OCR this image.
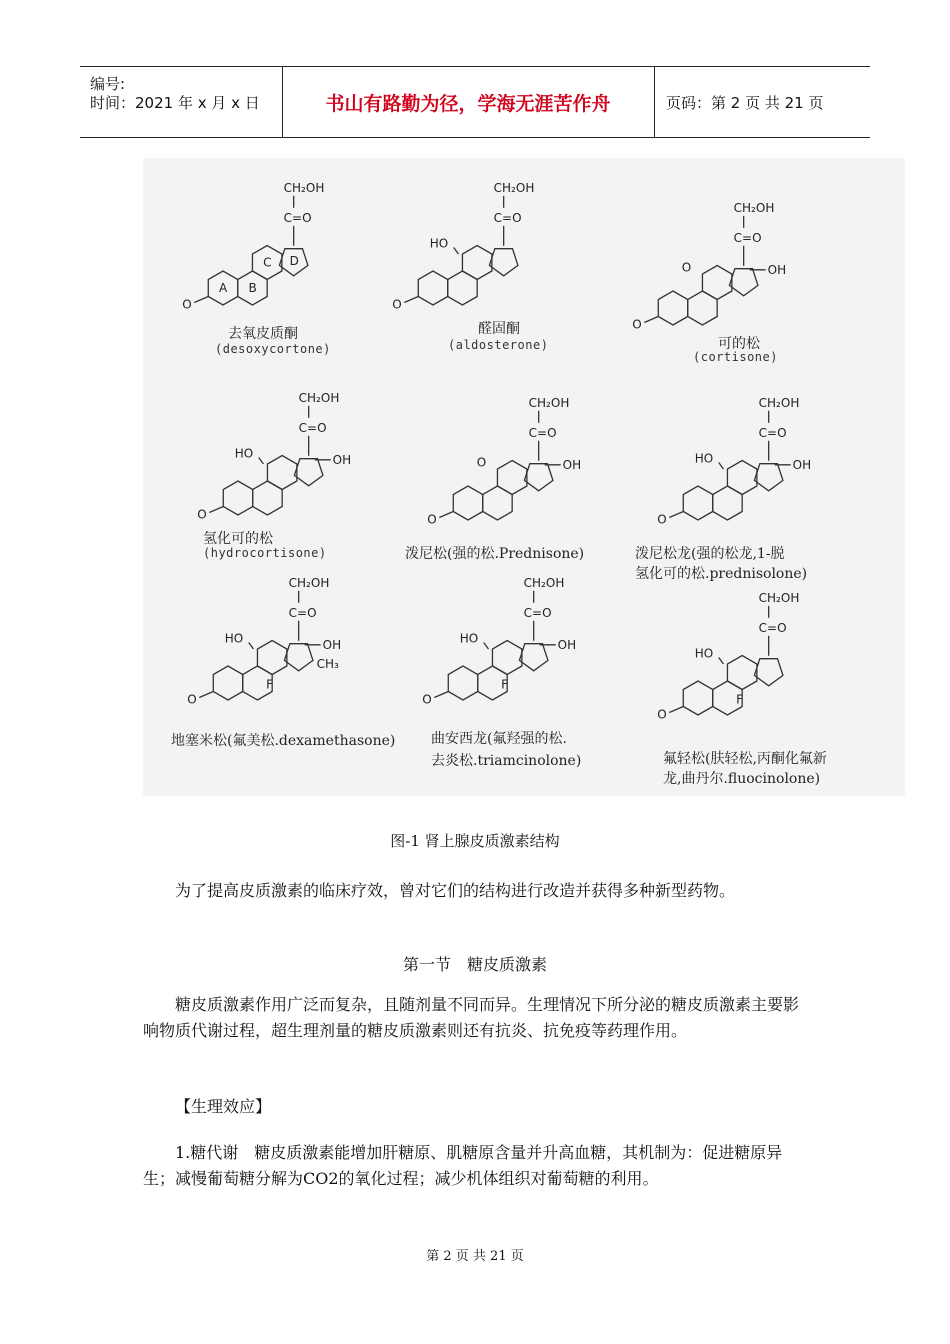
编号:
时间：2021 年 x 月 x 日	书山有路勤为径，学海无涯苦作舟	页码：第 2 页 共 21 页
O
C=O
CH₂OH
A B
C D
O
C=O
CH₂OH
HO
O
C=O
CH₂OH
OH
O
O
C=O
CH₂OH
OH
HO
O
C=O
CH₂OH
OH
O
O
C=O
CH₂OH
OH
HO
O
C=O
CH₂OH
OH
HO
F
CH₃
O
C=O
CH₂OH
OH
HO
F
O
C=O
CH₂OH
HO
F
去氧皮质酮
(desoxycortone)
醛固酮
(aldosterone)	可的松
(cortisone)
氢化可的松
(hydrocortisone)	泼尼松(强的松.Prednisone)	泼尼松龙(强的松龙,1-脱
氢化可的松.prednisolone)
地塞米松(氟美松.dexamethasone)	曲安西龙(氟羟强的松.
去炎松.triamcinolone)	氟轻松(肤轻松,丙酮化氟新
龙,曲丹尔.fluocinolone)
图-1 肾上腺皮质激素结构
为了提高皮质激素的临床疗效，曾对它们的结构进行改造并获得多种新型药物。
第一节　糖皮质激素
糖皮质激素作用广泛而复杂，且随剂量不同而异。生理情况下所分泌的糖皮质激素主要影响物质代谢过程，超生理剂量的糖皮质激素则还有抗炎、抗免疫等药理作用。
【生理效应】
1.糖代谢　糖皮质激素能增加肝糖原、肌糖原含量并升高血糖，其机制为：促进糖原异生；减慢葡萄糖分解为CO2的氧化过程；减少机体组织对葡萄糖的利用。
第 2 页 共 21 页
